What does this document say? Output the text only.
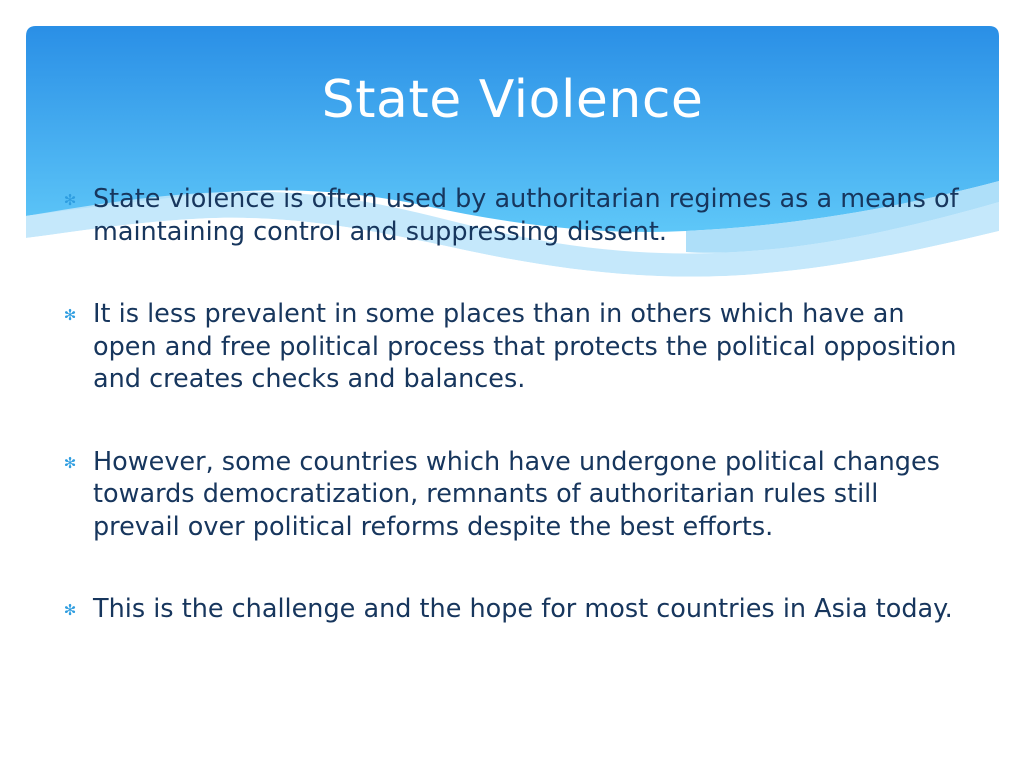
State Violence
✻ State violence is often used by authoritarian regimes as a means of maintaining control and suppressing dissent.
✻ It is less prevalent in some places than in others which have an open and free political process that protects the political opposition and creates checks and balances.
✻ However, some countries which have undergone political changes towards democratization, remnants of authoritarian rules still prevail over political reforms despite the best efforts.
✻ This is the challenge and the hope for most countries in Asia today.
